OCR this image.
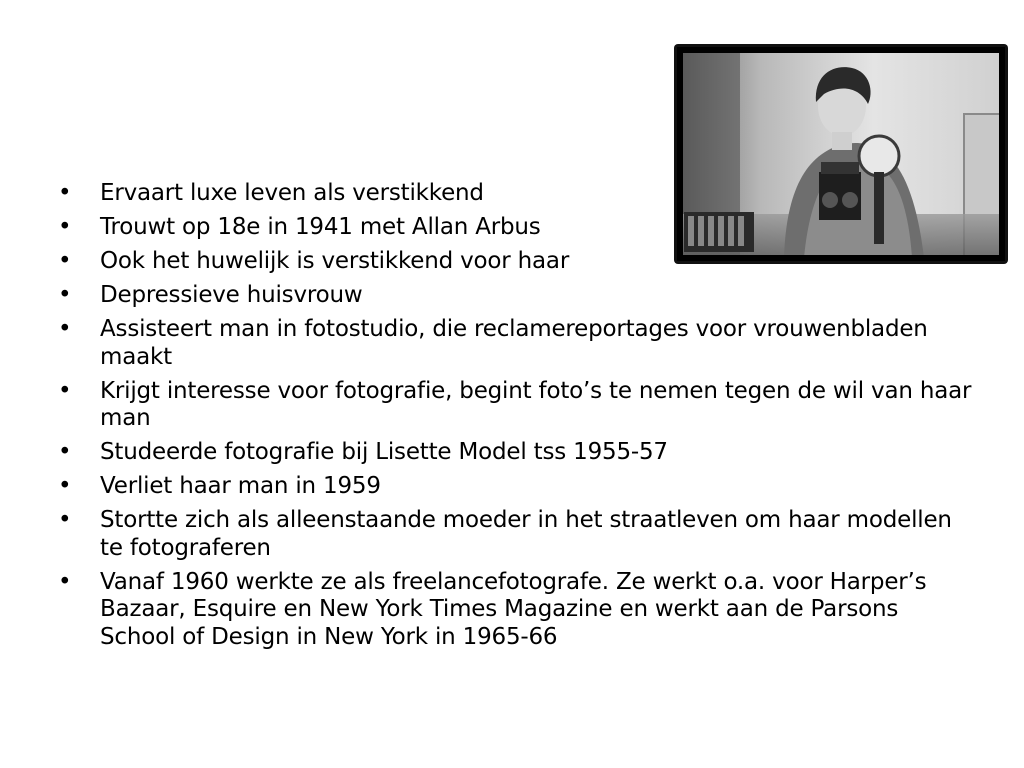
• Ervaart luxe leven als verstikkend
• Trouwt op 18e in 1941 met Allan Arbus
• Ook het huwelijk is verstikkend voor haar
• Depressieve huisvrouw
• Assisteert man in fotostudio, die reclamereportages voor vrouwenbladen maakt
• Krijgt interesse voor fotografie, begint foto’s te nemen tegen de wil van haar man
• Studeerde fotografie bij Lisette Model tss 1955-57
• Verliet haar man in 1959
• Stortte zich als alleenstaande moeder in het straatleven om haar modellen te fotograferen
• Vanaf 1960 werkte ze als freelancefotografe. Ze werkt o.a. voor Harper’s Bazaar, Esquire en New York Times Magazine en werkt aan de Parsons School of Design in New York in 1965-66
